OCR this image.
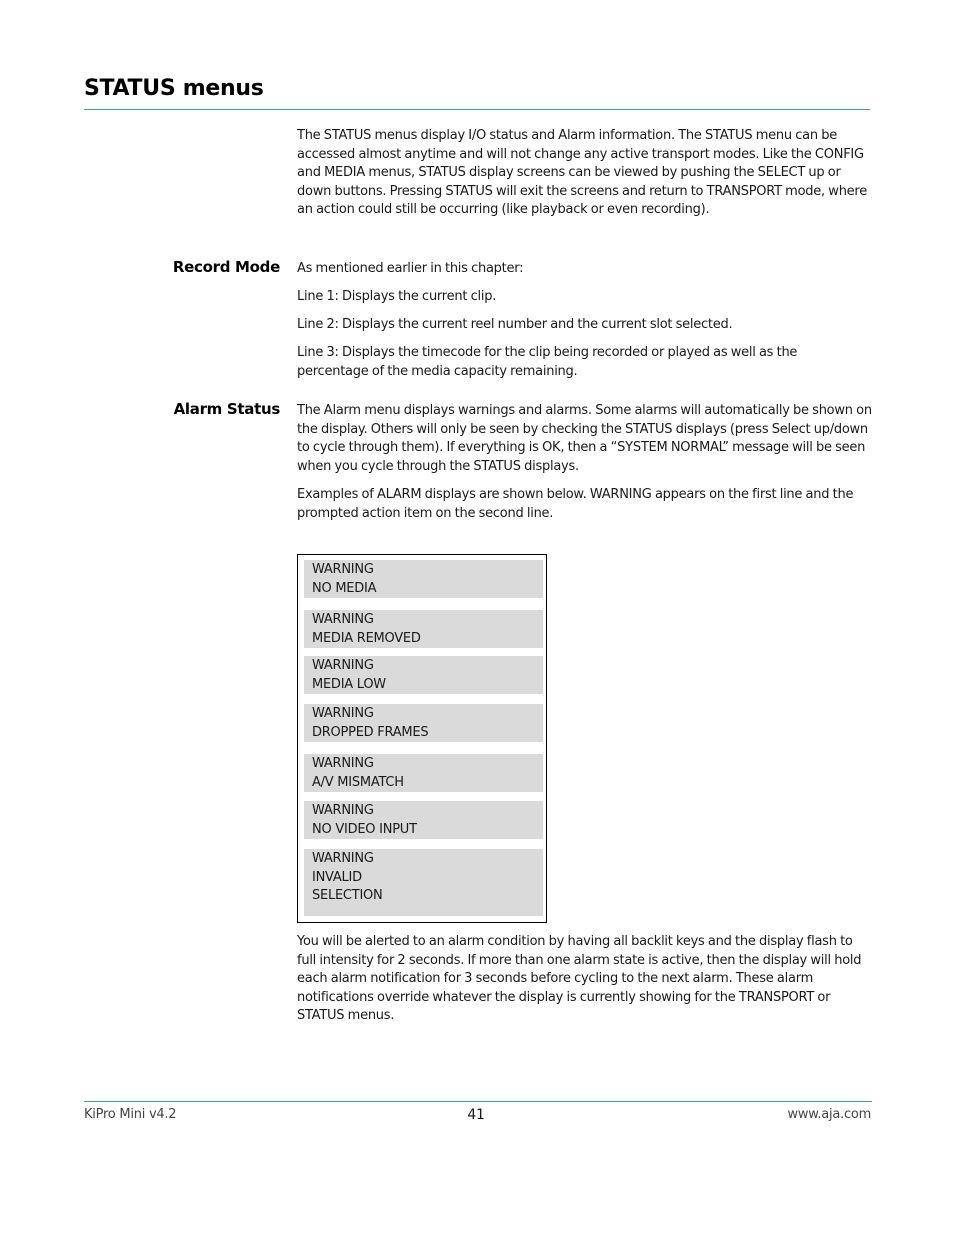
STATUS menus

The STATUS menus display I/O status and Alarm information. The STATUS menu can be accessed almost anytime and will not change any active transport modes. Like the CONFIG and MEDIA menus, STATUS display screens can be viewed by pushing the SELECT up or down buttons. Pressing STATUS will exit the screens and return to TRANSPORT mode, where an action could still be occurring (like playback or even recording).

Record Mode As mentioned earlier in this chapter:

Line 1: Displays the current clip.

Line 2: Displays the current reel number and the current slot selected.

Line 3: Displays the timecode for the clip being recorded or played as well as the percentage of the media capacity remaining.

Alarm Status The Alarm menu displays warnings and alarms. Some alarms will automatically be shown on the display. Others will only be seen by checking the STATUS displays (press Select up/down to cycle through them). If everything is OK, then a “SYSTEM NORMAL” message will be seen when you cycle through the STATUS displays.

Examples of ALARM displays are shown below. WARNING appears on the first line and the prompted action item on the second line.

WARNING
NO MEDIA
WARNING
MEDIA REMOVED
WARNING
MEDIA LOW
WARNING
DROPPED FRAMES
WARNING
A/V MISMATCH
WARNING
NO VIDEO INPUT
WARNING
INVALID
SELECTION

You will be alerted to an alarm condition by having all backlit keys and the display flash to full intensity for 2 seconds. If more than one alarm state is active, then the display will hold each alarm notification for 3 seconds before cycling to the next alarm. These alarm notifications override whatever the display is currently showing for the TRANSPORT or STATUS menus.

KiPro Mini v4.2	41	www.aja.com
